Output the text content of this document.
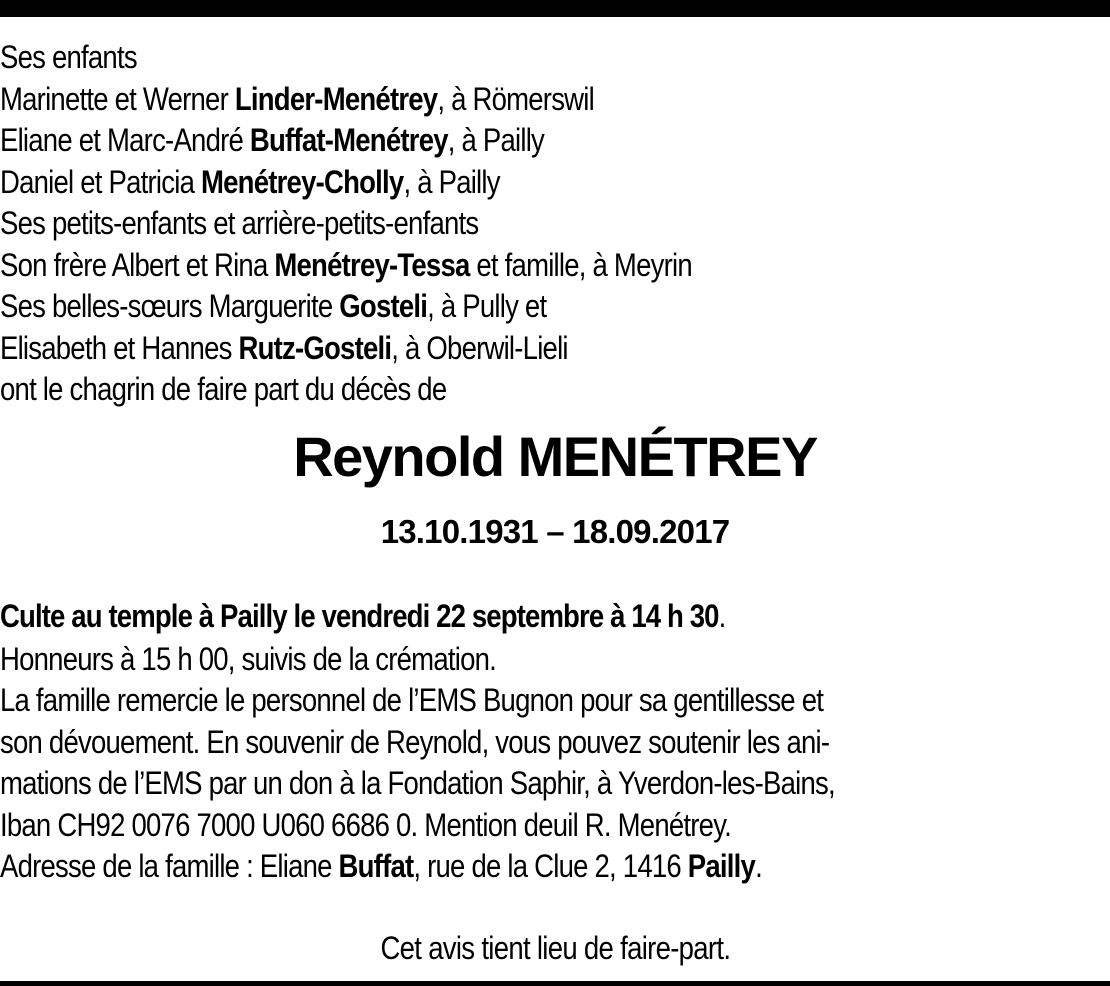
Ses enfants
Marinette et Werner Linder-Menétrey, à Römerswil
Eliane et Marc-André Buffat-Menétrey, à Pailly
Daniel et Patricia Menétrey-Cholly, à Pailly
Ses petits-enfants et arrière-petits-enfants
Son frère Albert et Rina Menétrey-Tessa et famille, à Meyrin
Ses belles-sœurs Marguerite Gosteli, à Pully et
Elisabeth et Hannes Rutz-Gosteli, à Oberwil-Lieli
ont le chagrin de faire part du décès de
Reynold MENÉTREY
13.10.1931 – 18.09.2017
Culte au temple à Pailly le vendredi 22 septembre à 14 h 30.
Honneurs à 15 h 00, suivis de la crémation.
La famille remercie le personnel de l’EMS Bugnon pour sa gentillesse et
son dévouement. En souvenir de Reynold, vous pouvez soutenir les ani-
mations de l’EMS par un don à la Fondation Saphir, à Yverdon-les-Bains,
Iban CH92 0076 7000 U060 6686 0. Mention deuil R. Menétrey.
Adresse de la famille : Eliane Buffat, rue de la Clue 2, 1416 Pailly.
Cet avis tient lieu de faire-part.
